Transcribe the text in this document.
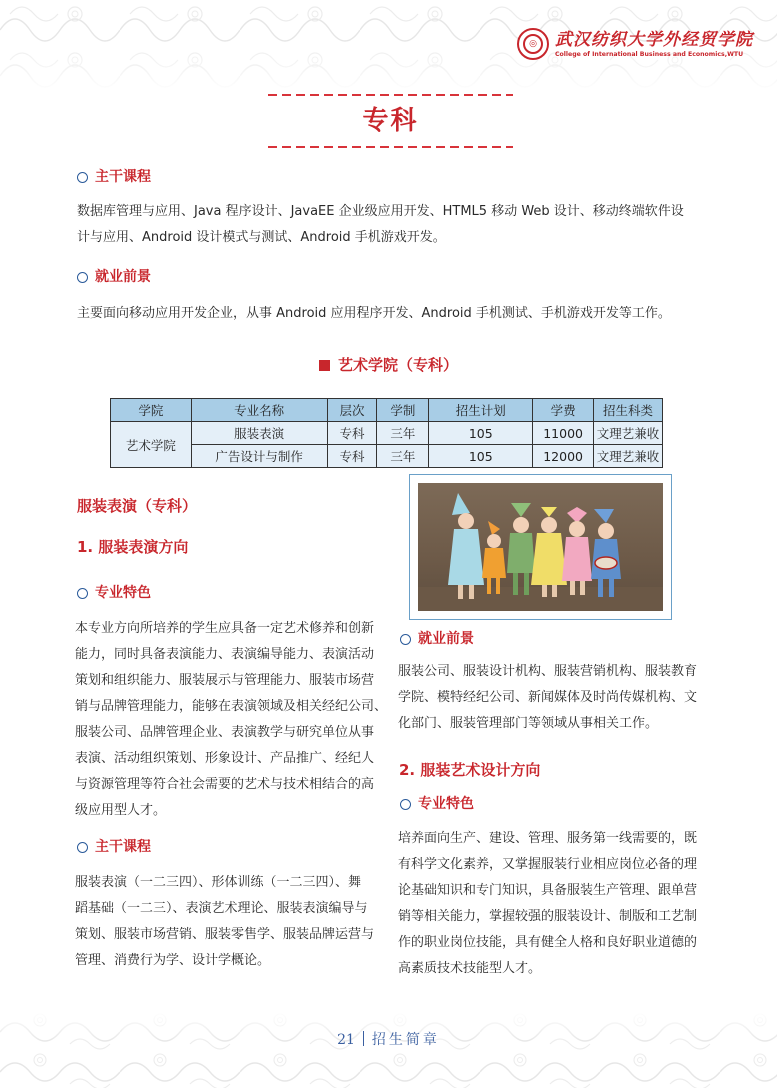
◎	武汉纺织大学外经贸学院
College of International Business and Economics,WTU
专科
主干课程
数据库管理与应用、Java 程序设计、JavaEE 企业级应用开发、HTML5 移动 Web 设计、移动终端软件设
计与应用、Android 设计模式与测试、Android 手机游戏开发。
就业前景
主要面向移动应用开发企业，从事 Android 应用程序开发、Android 手机测试、手机游戏开发等工作。
艺术学院（专科）
学院	专业名称	层次	学制	招生计划	学费	招生科类
艺术学院	服装表演	专科	三年	105	11000	文理艺兼收
	广告设计与制作	专科	三年	105	12000	文理艺兼收
服装表演（专科）
1. 服装表演方向
专业特色
本专业方向所培养的学生应具备一定艺术修养和创新
能力，同时具备表演能力、表演编导能力、表演活动
策划和组织能力、服装展示与管理能力、服装市场营
销与品牌管理能力，能够在表演领域及相关经纪公司、
服装公司、品牌管理企业、表演教学与研究单位从事
表演、活动组织策划、形象设计、产品推广、经纪人
与资源管理等符合社会需要的艺术与技术相结合的高
级应用型人才。
主干课程
服装表演（一二三四）、形体训练（一二三四）、舞
蹈基础（一二三）、表演艺术理论、服装表演编导与
策划、服装市场营销、服装零售学、服装品牌运营与
管理、消费行为学、设计学概论。
就业前景
服装公司、服装设计机构、服装营销机构、服装教育
学院、模特经纪公司、新闻媒体及时尚传媒机构、文
化部门、服装管理部门等领域从事相关工作。
2. 服装艺术设计方向
专业特色
培养面向生产、建设、管理、服务第一线需要的，既
有科学文化素养，又掌握服装行业相应岗位必备的理
论基础知识和专门知识，具备服装生产管理、跟单营
销等相关能力，掌握较强的服装设计、制版和工艺制
作的职业岗位技能，具有健全人格和良好职业道德的
高素质技术技能型人才。
21 招生简章
